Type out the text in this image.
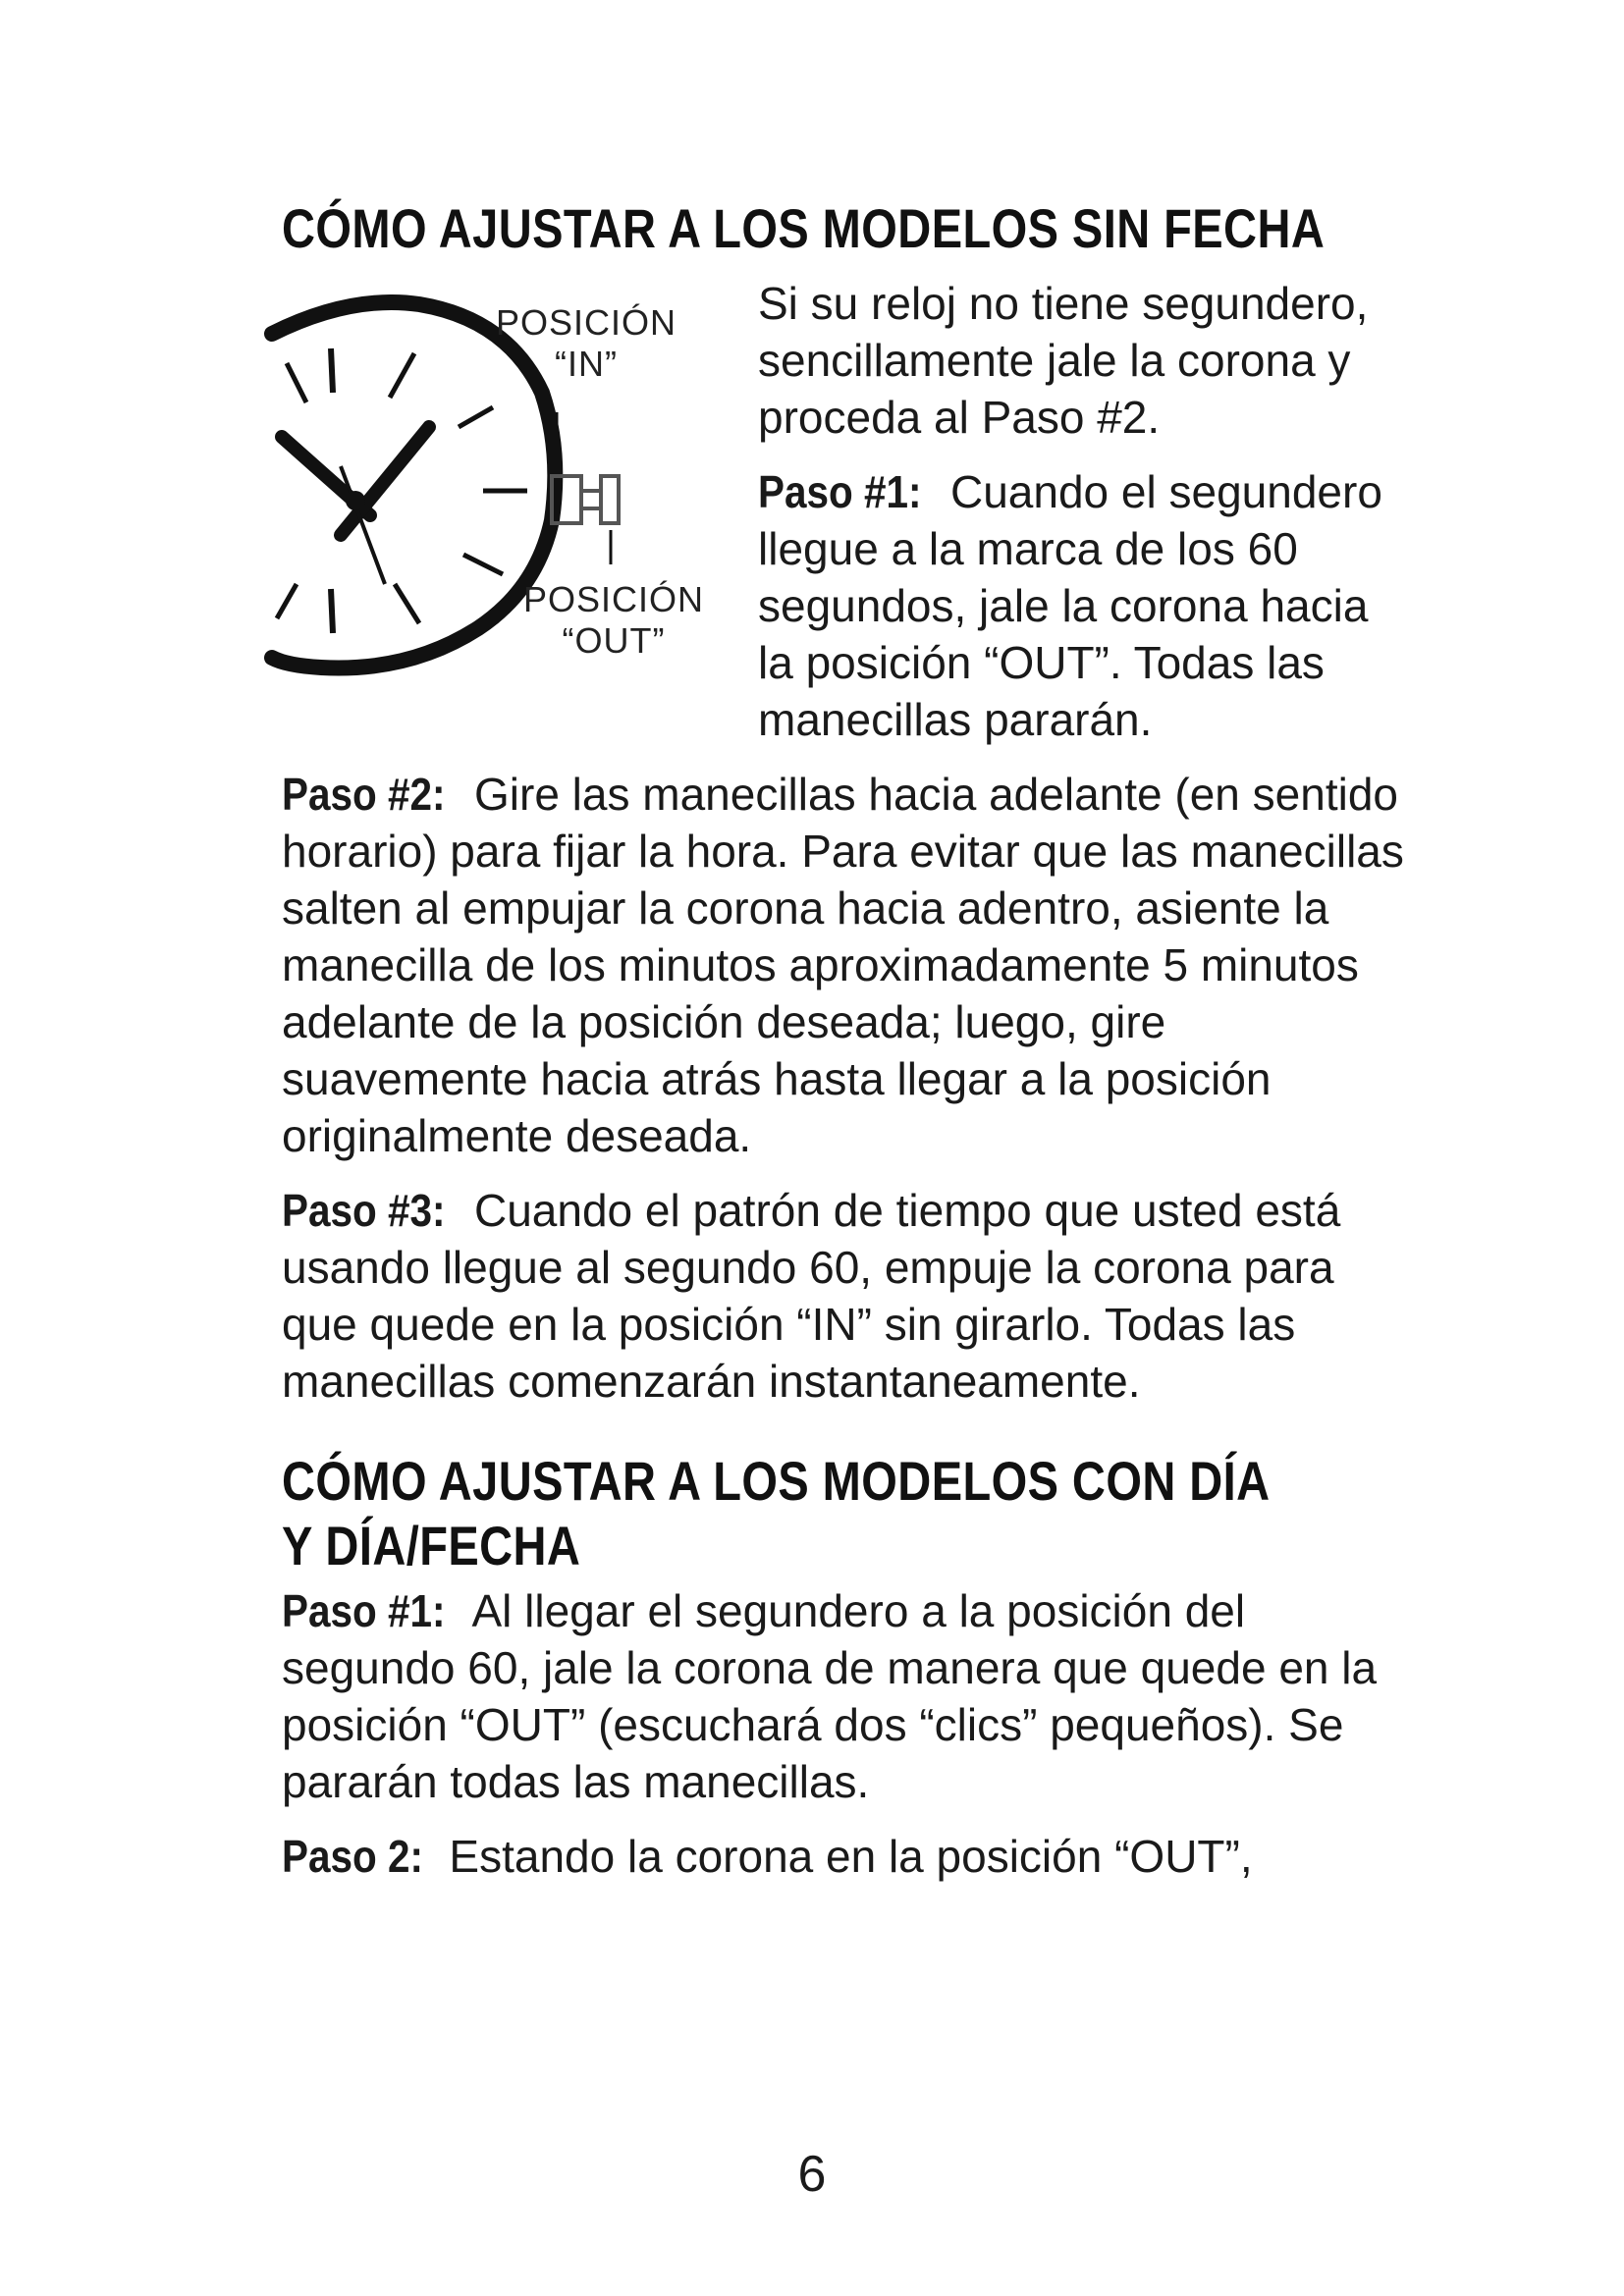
CÓMO AJUSTAR A LOS MODELOS SIN FECHA
POSICIÓN
“IN”
POSICIÓN
“OUT”

Si su reloj no tiene segundero, sencillamente jale la corona y proceda al Paso #2.

Paso #1: Cuando el segundero llegue a la marca de los 60 segundos, jale la corona hacia la posición “OUT”. Todas las manecillas pararán.

Paso #2: Gire las manecillas hacia adelante (en sentido horario) para fijar la hora. Para evitar que las manecillas salten al empujar la corona hacia adentro, asiente la manecilla de los minutos aproximadamente 5 minutos adelante de la posición deseada; luego, gire suavemente hacia atrás hasta llegar a la posición originalmente deseada.

Paso #3: Cuando el patrón de tiempo que usted está usando llegue al segundo 60, empuje la corona para que quede en la posición “IN” sin girarlo. Todas las manecillas comenzarán instantaneamente.

CÓMO AJUSTAR A LOS MODELOS CON DÍA
Y DÍA/FECHA

Paso #1: Al llegar el segundero a la posición del segundo 60, jale la corona de manera que quede en la posición “OUT” (escuchará dos “clics” pequeños). Se pararán todas las manecillas.

Paso 2: Estando la corona en la posición “OUT”,

6
